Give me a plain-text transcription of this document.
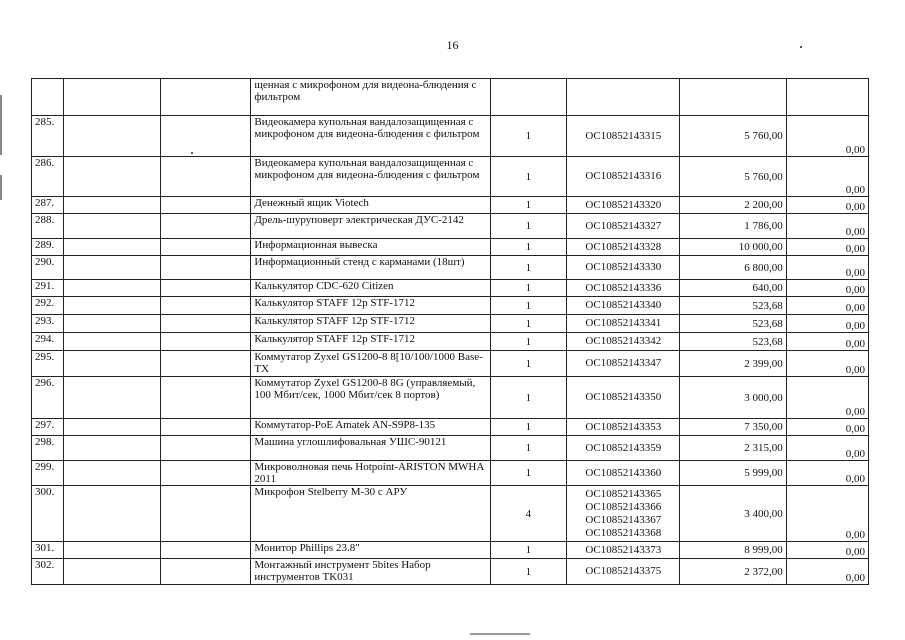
16
			щенная с микрофоном для видеона-блюдения с фильтром				
285.			Видеокамера купольная вандалозащищенная с микрофоном для видеона-блюдения с фильтром	1	ОС10852143315	5 760,00	0,00
286.			Видеокамера купольная вандалозащищенная с микрофоном для видеона-блюдения с фильтром	1	ОС10852143316	5 760,00	0,00
287.			Денежный ящик Viotech	1	ОС10852143320	2 200,00	0,00
288.			Дрель-шуруповерт электрическая ДУС-2142	1	ОС10852143327	1 786,00	0,00
289.			Информационная вывеска	1	ОС10852143328	10 000,00	0,00
290.			Информационный стенд с карманами (18шт)	1	ОС10852143330	6 800,00	0,00
291.			Калькулятор CDC-620 Citizen	1	ОС10852143336	640,00	0,00
292.			Калькулятор STAFF 12p STF-1712	1	ОС10852143340	523,68	0,00
293.			Калькулятор STAFF 12p STF-1712	1	ОС10852143341	523,68	0,00
294.			Калькулятор STAFF 12p STF-1712	1	ОС10852143342	523,68	0,00
295.			Коммутатор Zyxel GS1200-8 8[10/100/1000 Base-TX	1	ОС10852143347	2 399,00	0,00
296.			Коммутатор Zyxel GS1200-8 8G (управляемый, 100 Мбит/сек, 1000 Мбит/сек 8 портов)	1	ОС10852143350	3 000,00	0,00
297.			Коммутатор-PoE Amatek AN-S9P8-135	1	ОС10852143353	7 350,00	0,00
298.			Машина углошлифовальная УШС-90121	1	ОС10852143359	2 315,00	0,00
299.			Микроволновая печь Hotpoint-ARISTON MWHA 2011	1	ОС10852143360	5 999,00	0,00
300.			Микрофон Stelberry M-30 с АРУ	4	ОС10852143365
ОС10852143366
ОС10852143367
ОС10852143368	3 400,00	0,00
301.			Монитор Phillips 23.8"	1	ОС10852143373	8 999,00	0,00
302.			Монтажный инструмент 5bites Набор инструментов TK031	1	ОС10852143375	2 372,00	0,00
